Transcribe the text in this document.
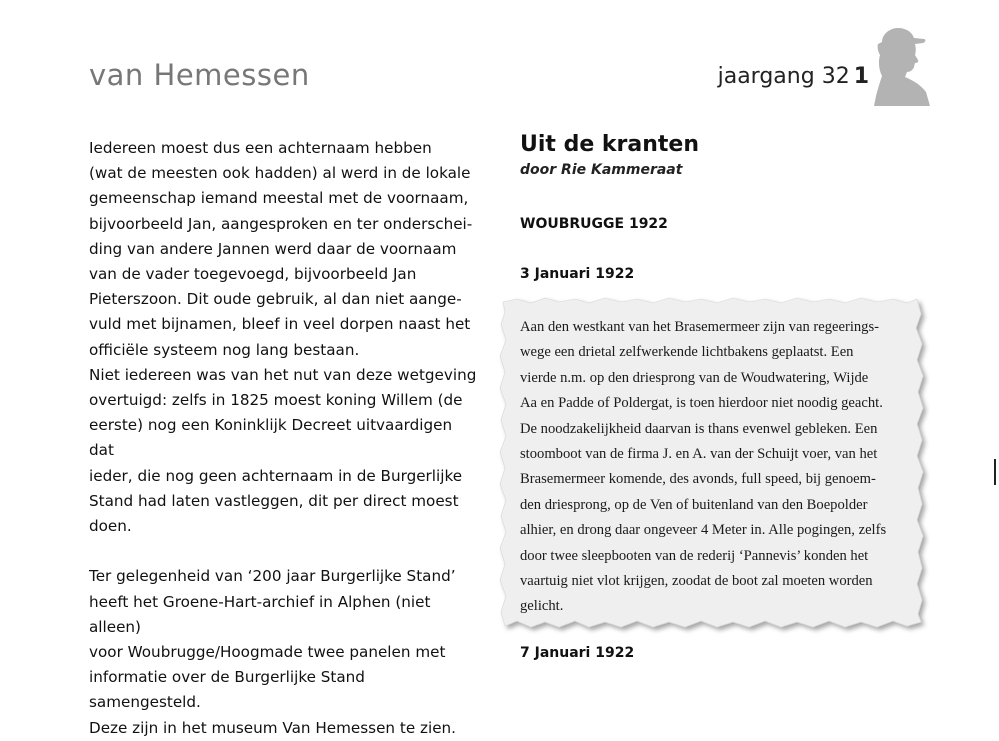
van Hemessen	jaargang 32 1

Iedereen moest dus een achternaam hebben

(wat de meesten ook hadden) al werd in de lokale

gemeenschap iemand meestal met de voornaam,

bijvoorbeeld Jan, aangesproken en ter onderschei-

ding van andere Jannen werd daar de voornaam

van de vader toegevoegd, bijvoorbeeld Jan

Pieterszoon. Dit oude gebruik, al dan niet aange-

vuld met bijnamen, bleef in veel dorpen naast het

officiële systeem nog lang bestaan.

Niet iedereen was van het nut van deze wetgeving

overtuigd: zelfs in 1825 moest koning Willem (de

eerste) nog een Koninklijk Decreet uitvaardigen dat

ieder, die nog geen achternaam in de Burgerlijke

Stand had laten vastleggen, dit per direct moest

doen.

Ter gelegenheid van ‘200 jaar Burgerlijke Stand’

heeft het Groene-Hart-archief in Alphen (niet alleen)

voor Woubrugge/Hoogmade twee panelen met

informatie over de Burgerlijke Stand samengesteld.

Deze zijn in het museum Van Hemessen te zien.

Uit de kranten
door Rie Kammeraat
WOUBRUGGE 1922
3 Januari 1922
Aan den westkant van het Brasemermeer zijn van regeerings-
wege een drietal zelfwerkende lichtbakens geplaatst. Een
vierde n.m. op den driesprong van de Woudwatering, Wijde
Aa en Padde of Poldergat, is toen hierdoor niet noodig geacht.
De noodzakelijkheid daarvan is thans evenwel gebleken. Een
stoomboot van de firma J. en A. van der Schuijt voer, van het
Brasemermeer komende, des avonds, full speed, bij genoem-
den driesprong, op de Ven of buitenland van den Boepolder
alhier, en drong daar ongeveer 4 Meter in. Alle pogingen, zelfs
door twee sleepbooten van de rederij ‘Pannevis’ konden het
vaartuig niet vlot krijgen, zoodat de boot zal moeten worden
gelicht.
7 Januari 1922
